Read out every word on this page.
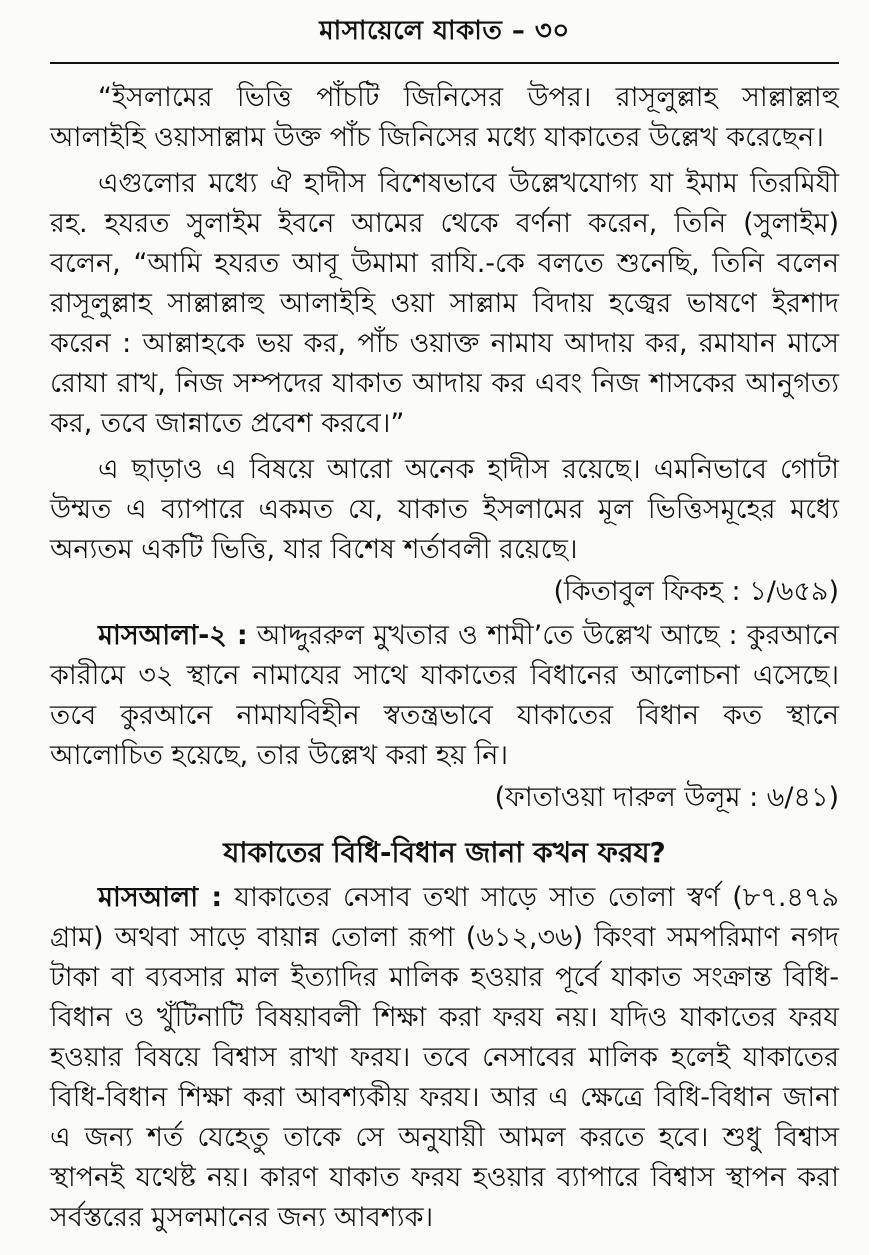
মাসায়েলে যাকাত – ৩০

“ইসলামের ভিত্তি পাঁচটি জিনিসের উপর। রাসূলুল্লাহ সাল্লাল্লাহু আলাইহি ওয়াসাল্লাম উক্ত পাঁচ জিনিসের মধ্যে যাকাতের উল্লেখ করেছেন।

এগুলোর মধ্যে ঐ হাদীস বিশেষভাবে উল্লেখযোগ্য যা ইমাম তিরমিযী রহ. হযরত সুলাইম ইবনে আমের থেকে বর্ণনা করেন, তিনি (সুলাইম) বলেন, “আমি হযরত আবূ উমামা রাযি.-কে বলতে শুনেছি, তিনি বলেন রাসূলুল্লাহ সাল্লাল্লাহু আলাইহি ওয়া সাল্লাম বিদায় হজ্বের ভাষণে ইরশাদ করেন : আল্লাহকে ভয় কর, পাঁচ ওয়াক্ত নামায আদায় কর, রমাযান মাসে রোযা রাখ, নিজ সম্পদের যাকাত আদায় কর এবং নিজ শাসকের আনুগত্য কর, তবে জান্নাতে প্রবেশ করবে।”

এ ছাড়াও এ বিষয়ে আরো অনেক হাদীস রয়েছে। এমনিভাবে গোটা উম্মত এ ব্যাপারে একমত যে, যাকাত ইসলামের মূল ভিত্তিসমূহের মধ্যে অন্যতম একটি ভিত্তি, যার বিশেষ শর্তাবলী রয়েছে।

(কিতাবুল ফিকহ : ১/৬৫৯)

মাসআলা-২ : আদ্দুররুল মুখতার ও শামী’তে উল্লেখ আছে : কুরআনে কারীমে ৩২ স্থানে নামাযের সাথে যাকাতের বিধানের আলোচনা এসেছে। তবে কুরআনে নামাযবিহীন স্বতন্ত্রভাবে যাকাতের বিধান কত স্থানে আলোচিত হয়েছে, তার উল্লেখ করা হয় নি।

(ফাতাওয়া দারুল উলূম : ৬/৪১)
যাকাতের বিধি-বিধান জানা কখন ফরয?

মাসআলা : যাকাতের নেসাব তথা সাড়ে সাত তোলা স্বর্ণ (৮৭.৪৭৯ গ্রাম) অথবা সাড়ে বায়ান্ন তোলা রূপা (৬১২,৩৬) কিংবা সমপরিমাণ নগদ টাকা বা ব্যবসার মাল ইত্যাদির মালিক হওয়ার পূর্বে যাকাত সংক্রান্ত বিধি-বিধান ও খুঁটিনাটি বিষয়াবলী শিক্ষা করা ফরয নয়। যদিও যাকাতের ফরয হওয়ার বিষয়ে বিশ্বাস রাখা ফরয। তবে নেসাবের মালিক হলেই যাকাতের বিধি-বিধান শিক্ষা করা আবশ্যকীয় ফরয। আর এ ক্ষেত্রে বিধি-বিধান জানা এ জন্য শর্ত যেহেতু তাকে সে অনুযায়ী আমল করতে হবে। শুধু বিশ্বাস স্থাপনই যথেষ্ট নয়। কারণ যাকাত ফরয হওয়ার ব্যাপারে বিশ্বাস স্থাপন করা সর্বস্তরের মুসলমানের জন্য আবশ্যক।
